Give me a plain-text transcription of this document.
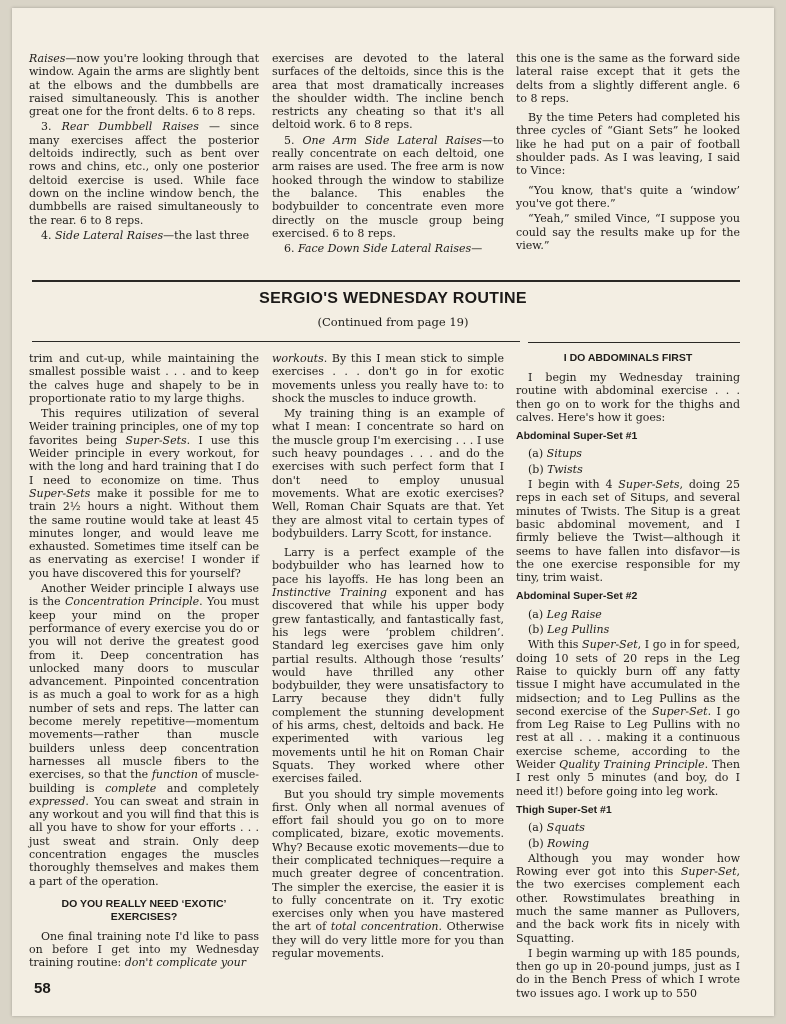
Raises—now you're looking through that window. Again the arms are slightly bent at the elbows and the dumbbells are raised simultaneously. This is another great one for the front delts. 6 to 8 reps.

3. Rear Dumbbell Raises — since many exercises affect the posterior deltoids indirectly, such as bent over rows and chins, etc., only one posterior deltoid exercise is used. While face down on the incline window bench, the dumbbells are raised simultaneously to the rear. 6 to 8 reps.

4. Side Lateral Raises—the last three

exercises are devoted to the lateral surfaces of the deltoids, since this is the area that most dramatically increases the shoulder width. The incline bench restricts any cheating so that it's all deltoid work. 6 to 8 reps.

5. One Arm Side Lateral Raises—to really concentrate on each deltoid, one arm raises are used. The free arm is now hooked through the window to stabilize the balance. This enables the bodybuilder to concentrate even more directly on the muscle group being exercised. 6 to 8 reps.

6. Face Down Side Lateral Raises—

this one is the same as the forward side lateral raise except that it gets the delts from a slightly different angle. 6 to 8 reps.

By the time Peters had completed his three cycles of “Giant Sets” he looked like he had put on a pair of football shoulder pads. As I was leaving, I said to Vince:

“You know, that's quite a ‘window’ you've got there.”

“Yeah,” smiled Vince, “I suppose you could say the results make up for the view.”

SERGIO'S WEDNESDAY ROUTINE
(Continued from page 19)

trim and cut-up, while maintaining the smallest possible waist . . . and to keep the calves huge and shapely to be in proportionate ratio to my large thighs.

This requires utilization of several Weider training principles, one of my top favorites being Super-Sets. I use this Weider principle in every workout, for with the long and hard training that I do I need to economize on time. Thus Super-Sets make it possible for me to train 2½ hours a night. Without them the same routine would take at least 45 minutes longer, and would leave me exhausted. Sometimes time itself can be as enervating as exercise! I wonder if you have discovered this for yourself?

Another Weider principle I always use is the Concentration Principle. You must keep your mind on the proper performance of every exercise you do or you will not derive the greatest good from it. Deep concentration has unlocked many doors to muscular advancement. Pinpointed concentration is as much a goal to work for as a high number of sets and reps. The latter can become merely repetitive—momentum movements—rather than muscle builders unless deep concentration harnesses all muscle fibers to the exercises, so that the function of muscle-building is complete and completely expressed. You can sweat and strain in any workout and you will find that this is all you have to show for your efforts . . . just sweat and strain. Only deep concentration engages the muscles thoroughly themselves and makes them a part of the operation.

DO YOU REALLY NEED ‘EXOTIC’ EXERCISES?

One final training note I'd like to pass on before I get into my Wednesday training routine: don't complicate your

workouts. By this I mean stick to simple exercises . . . don't go in for exotic movements unless you really have to: to shock the muscles to induce growth.

My training thing is an example of what I mean: I concentrate so hard on the muscle group I'm exercising . . . I use such heavy poundages . . . and do the exercises with such perfect form that I don't need to employ unusual movements. What are exotic exercises? Well, Roman Chair Squats are that. Yet they are almost vital to certain types of bodybuilders. Larry Scott, for instance.

Larry is a perfect example of the bodybuilder who has learned how to pace his layoffs. He has long been an Instinctive Training exponent and has discovered that while his upper body grew fantastically, and fantastically fast, his legs were ‘problem children’. Standard leg exercises gave him only partial results. Although those ‘results’ would have thrilled any other bodybuilder, they were unsatisfactory to Larry because they didn't fully complement the stunning development of his arms, chest, deltoids and back. He experimented with various leg movements until he hit on Roman Chair Squats. They worked where other exercises failed.

But you should try simple movements first. Only when all normal avenues of effort fail should you go on to more complicated, bizare, exotic movements. Why? Because exotic movements—due to their complicated techniques—require a much greater degree of concentration. The simpler the exercise, the easier it is to fully concentrate on it. Try exotic exercises only when you have mastered the art of total concentration. Otherwise they will do very little more for you than regular movements.

I DO ABDOMINALS FIRST

I begin my Wednesday training routine with abdominal exercise . . . then go on to work for the thighs and calves. Here's how it goes:

Abdominal Super-Set #1

(a) Situps

(b) Twists

I begin with 4 Super-Sets, doing 25 reps in each set of Situps, and several minutes of Twists. The Situp is a great basic abdominal movement, and I firmly believe the Twist—although it seems to have fallen into disfavor—is the one exercise responsible for my tiny, trim waist.

Abdominal Super-Set #2

(a) Leg Raise

(b) Leg Pullins

With this Super-Set, I go in for speed, doing 10 sets of 20 reps in the Leg Raise to quickly burn off any fatty tissue I might have accumulated in the midsection; and to Leg Pullins as the second exercise of the Super-Set. I go from Leg Raise to Leg Pullins with no rest at all . . . making it a continuous exercise scheme, according to the Weider Quality Training Principle. Then I rest only 5 minutes (and boy, do I need it!) before going into leg work.

Thigh Super-Set #1

(a) Squats

(b) Rowing

Although you may wonder how Rowing ever got into this Super-Set, the two exercises complement each other. Rowstimulates breathing in much the same manner as Pullovers, and the back work fits in nicely with Squatting.

I begin warming up with 185 pounds, then go up in 20-pound jumps, just as I do in the Bench Press of which I wrote two issues ago. I work up to 550

58
